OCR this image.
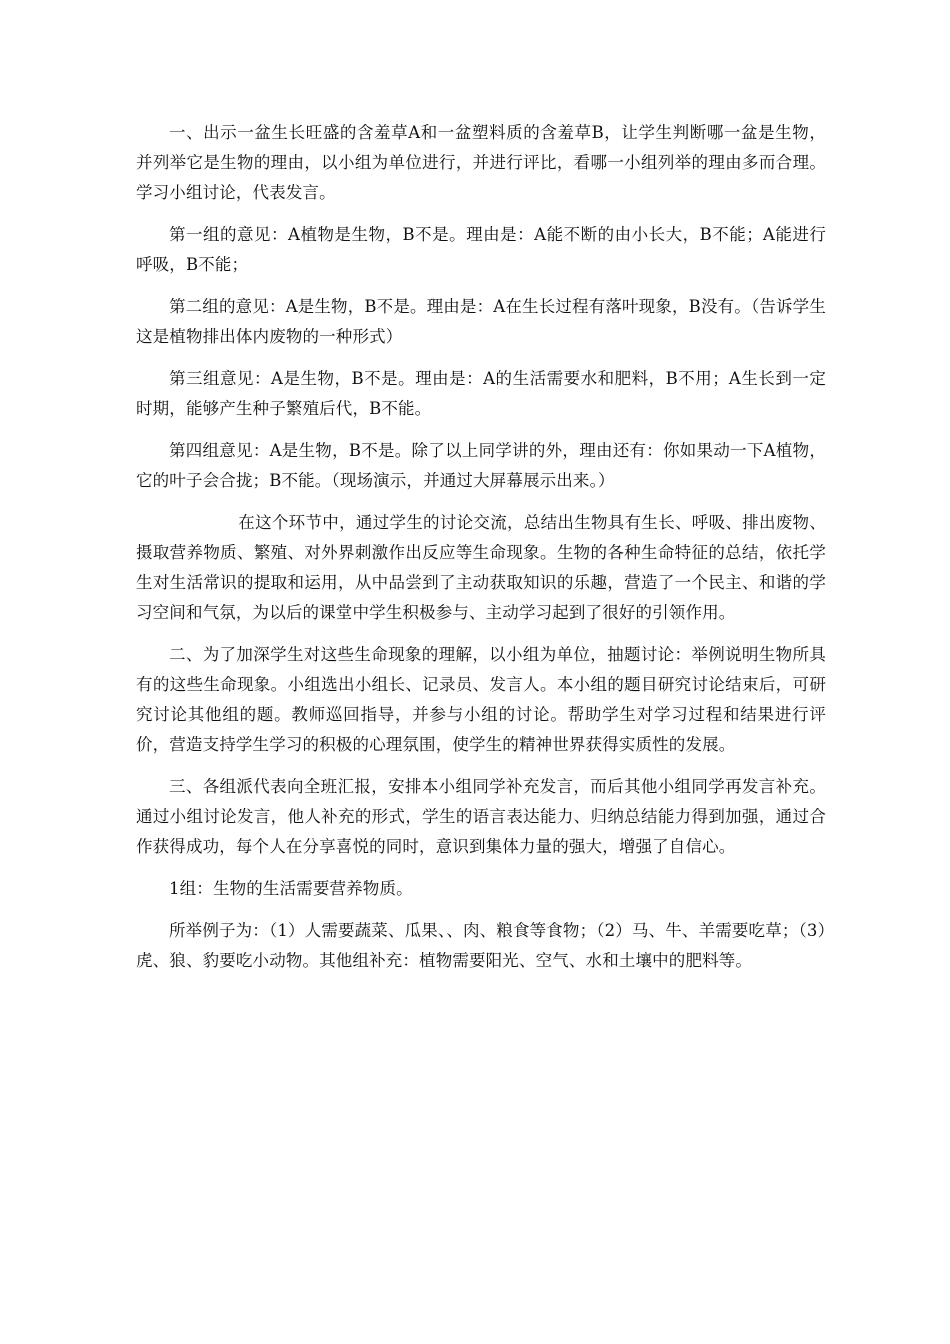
一、出示一盆生长旺盛的含羞草A和一盆塑料质的含羞草B，让学生判断哪一盆是生物，并列举它是生物的理由，以小组为单位进行，并进行评比，看哪一小组列举的理由多而合理。学习小组讨论，代表发言。

第一组的意见：A植物是生物，B不是。理由是：A能不断的由小长大，B不能；A能进行呼吸，B不能；

第二组的意见：A是生物，B不是。理由是：A在生长过程有落叶现象，B没有。（告诉学生这是植物排出体内废物的一种形式）

第三组意见：A是生物，B不是。理由是：A的生活需要水和肥料，B不用；A生长到一定时期，能够产生种子繁殖后代，B不能。

第四组意见：A是生物，B不是。除了以上同学讲的外，理由还有：你如果动一下A植物，它的叶子会合拢；B不能。（现场演示，并通过大屏幕展示出来。）

在这个环节中，通过学生的讨论交流，总结出生物具有生长、呼吸、排出废物、摄取营养物质、繁殖、对外界刺激作出反应等生命现象。生物的各种生命特征的总结，依托学生对生活常识的提取和运用，从中品尝到了主动获取知识的乐趣，营造了一个民主、和谐的学习空间和气氛，为以后的课堂中学生积极参与、主动学习起到了很好的引领作用。

二、为了加深学生对这些生命现象的理解，以小组为单位，抽题讨论：举例说明生物所具有的这些生命现象。小组选出小组长、记录员、发言人。本小组的题目研究讨论结束后，可研究讨论其他组的题。教师巡回指导，并参与小组的讨论。帮助学生对学习过程和结果进行评价，营造支持学生学习的积极的心理氛围，使学生的精神世界获得实质性的发展。

三、各组派代表向全班汇报，安排本小组同学补充发言，而后其他小组同学再发言补充。通过小组讨论发言，他人补充的形式，学生的语言表达能力、归纳总结能力得到加强，通过合作获得成功，每个人在分享喜悦的同时，意识到集体力量的强大，增强了自信心。

1组：生物的生活需要营养物质。

所举例子为：（1）人需要蔬菜、瓜果、、肉、粮食等食物；（2）马、牛、羊需要吃草；（3）虎、狼、豹要吃小动物。其他组补充：植物需要阳光、空气、水和土壤中的肥料等。
